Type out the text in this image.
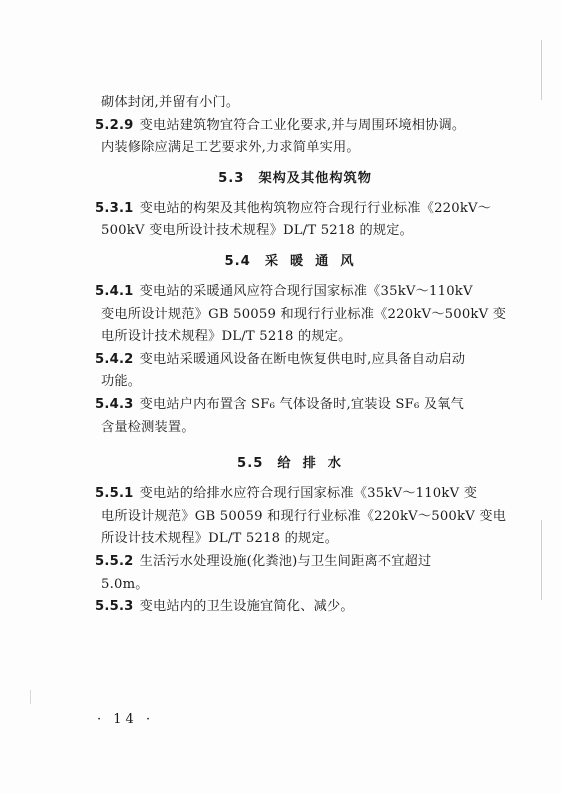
砌体封闭,并留有小门。
5.2.9 变电站建筑物宜符合工业化要求,并与周围环境相协调。
内装修除应满足工艺要求外,力求简单实用。
5.3 架构及其他构筑物
5.3.1 变电站的构架及其他构筑物应符合现行行业标准《220kV～
500kV 变电所设计技术规程》DL/T 5218 的规定。
5.4 采暖通风
5.4.1 变电站的采暖通风应符合现行国家标准《35kV～110kV
变电所设计规范》GB 50059 和现行行业标准《220kV～500kV 变
电所设计技术规程》DL/T 5218 的规定。
5.4.2 变电站采暖通风设备在断电恢复供电时,应具备自动启动
功能。
5.4.3 变电站户内布置含 SF₆ 气体设备时,宜装设 SF₆ 及氧气
含量检测装置。
5.5 给排水
5.5.1 变电站的给排水应符合现行国家标准《35kV～110kV 变
电所设计规范》GB 50059 和现行行业标准《220kV～500kV 变电
所设计技术规程》DL/T 5218 的规定。
5.5.2 生活污水处理设施(化粪池)与卫生间距离不宜超过
5.0m。
5.5.3 变电站内的卫生设施宜简化、减少。
· 14 ·
